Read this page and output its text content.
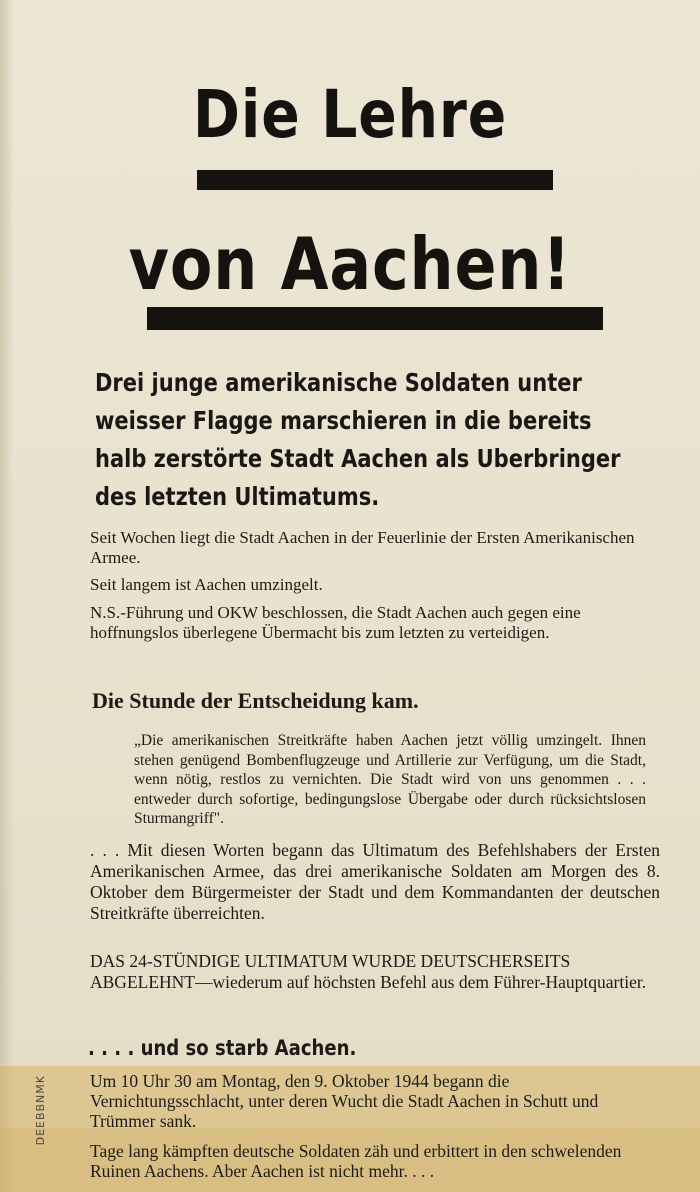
Die Lehre
von Aachen!
Drei junge amerikanische Soldaten unter
weisser Flagge marschieren in die bereits
halb zerstörte Stadt Aachen als Uberbringer
des letzten Ultimatums.

Seit Wochen liegt die Stadt Aachen in der Feuerlinie der Ersten Amerikanischen Armee.

Seit langem ist Aachen umzingelt.

N.S.-Führung und OKW beschlossen, die Stadt Aachen auch gegen eine hoffnungslos überlegene Übermacht bis zum letzten zu verteidigen.

Die Stunde der Entscheidung kam.
„Die amerikanischen Streitkräfte haben Aachen jetzt völlig umzingelt. Ihnen stehen genügend Bombenflugzeuge und Artillerie zur Verfügung, um die Stadt, wenn nötig, restlos zu vernichten. Die Stadt wird von uns genommen . . . entweder durch sofortige, bedingungslose Übergabe oder durch rücksichtslosen Sturmangriff".

. . . Mit diesen Worten begann das Ultimatum des Befehlshabers der Ersten Amerikanischen Armee, das drei amerikanische Soldaten am Morgen des 8. Oktober dem Bürgermeister der Stadt und dem Kommandanten der deutschen Streitkräfte überreichten.

DAS 24-STÜNDIGE ULTIMATUM WURDE DEUTSCHERSEITS ABGELEHNT—wiederum auf höchsten Befehl aus dem Führer-Hauptquartier.

. . . . und so starb Aachen.
DEEBBNMK Um 10 Uhr 30 am Montag, den 9. Oktober 1944 begann die Vernichtungsschlacht, unter deren Wucht die Stadt Aachen in Schutt und Trümmer sank.

Tage lang kämpften deutsche Soldaten zäh und erbittert in den schwelenden Ruinen Aachens. Aber Aachen ist nicht mehr. . . .
